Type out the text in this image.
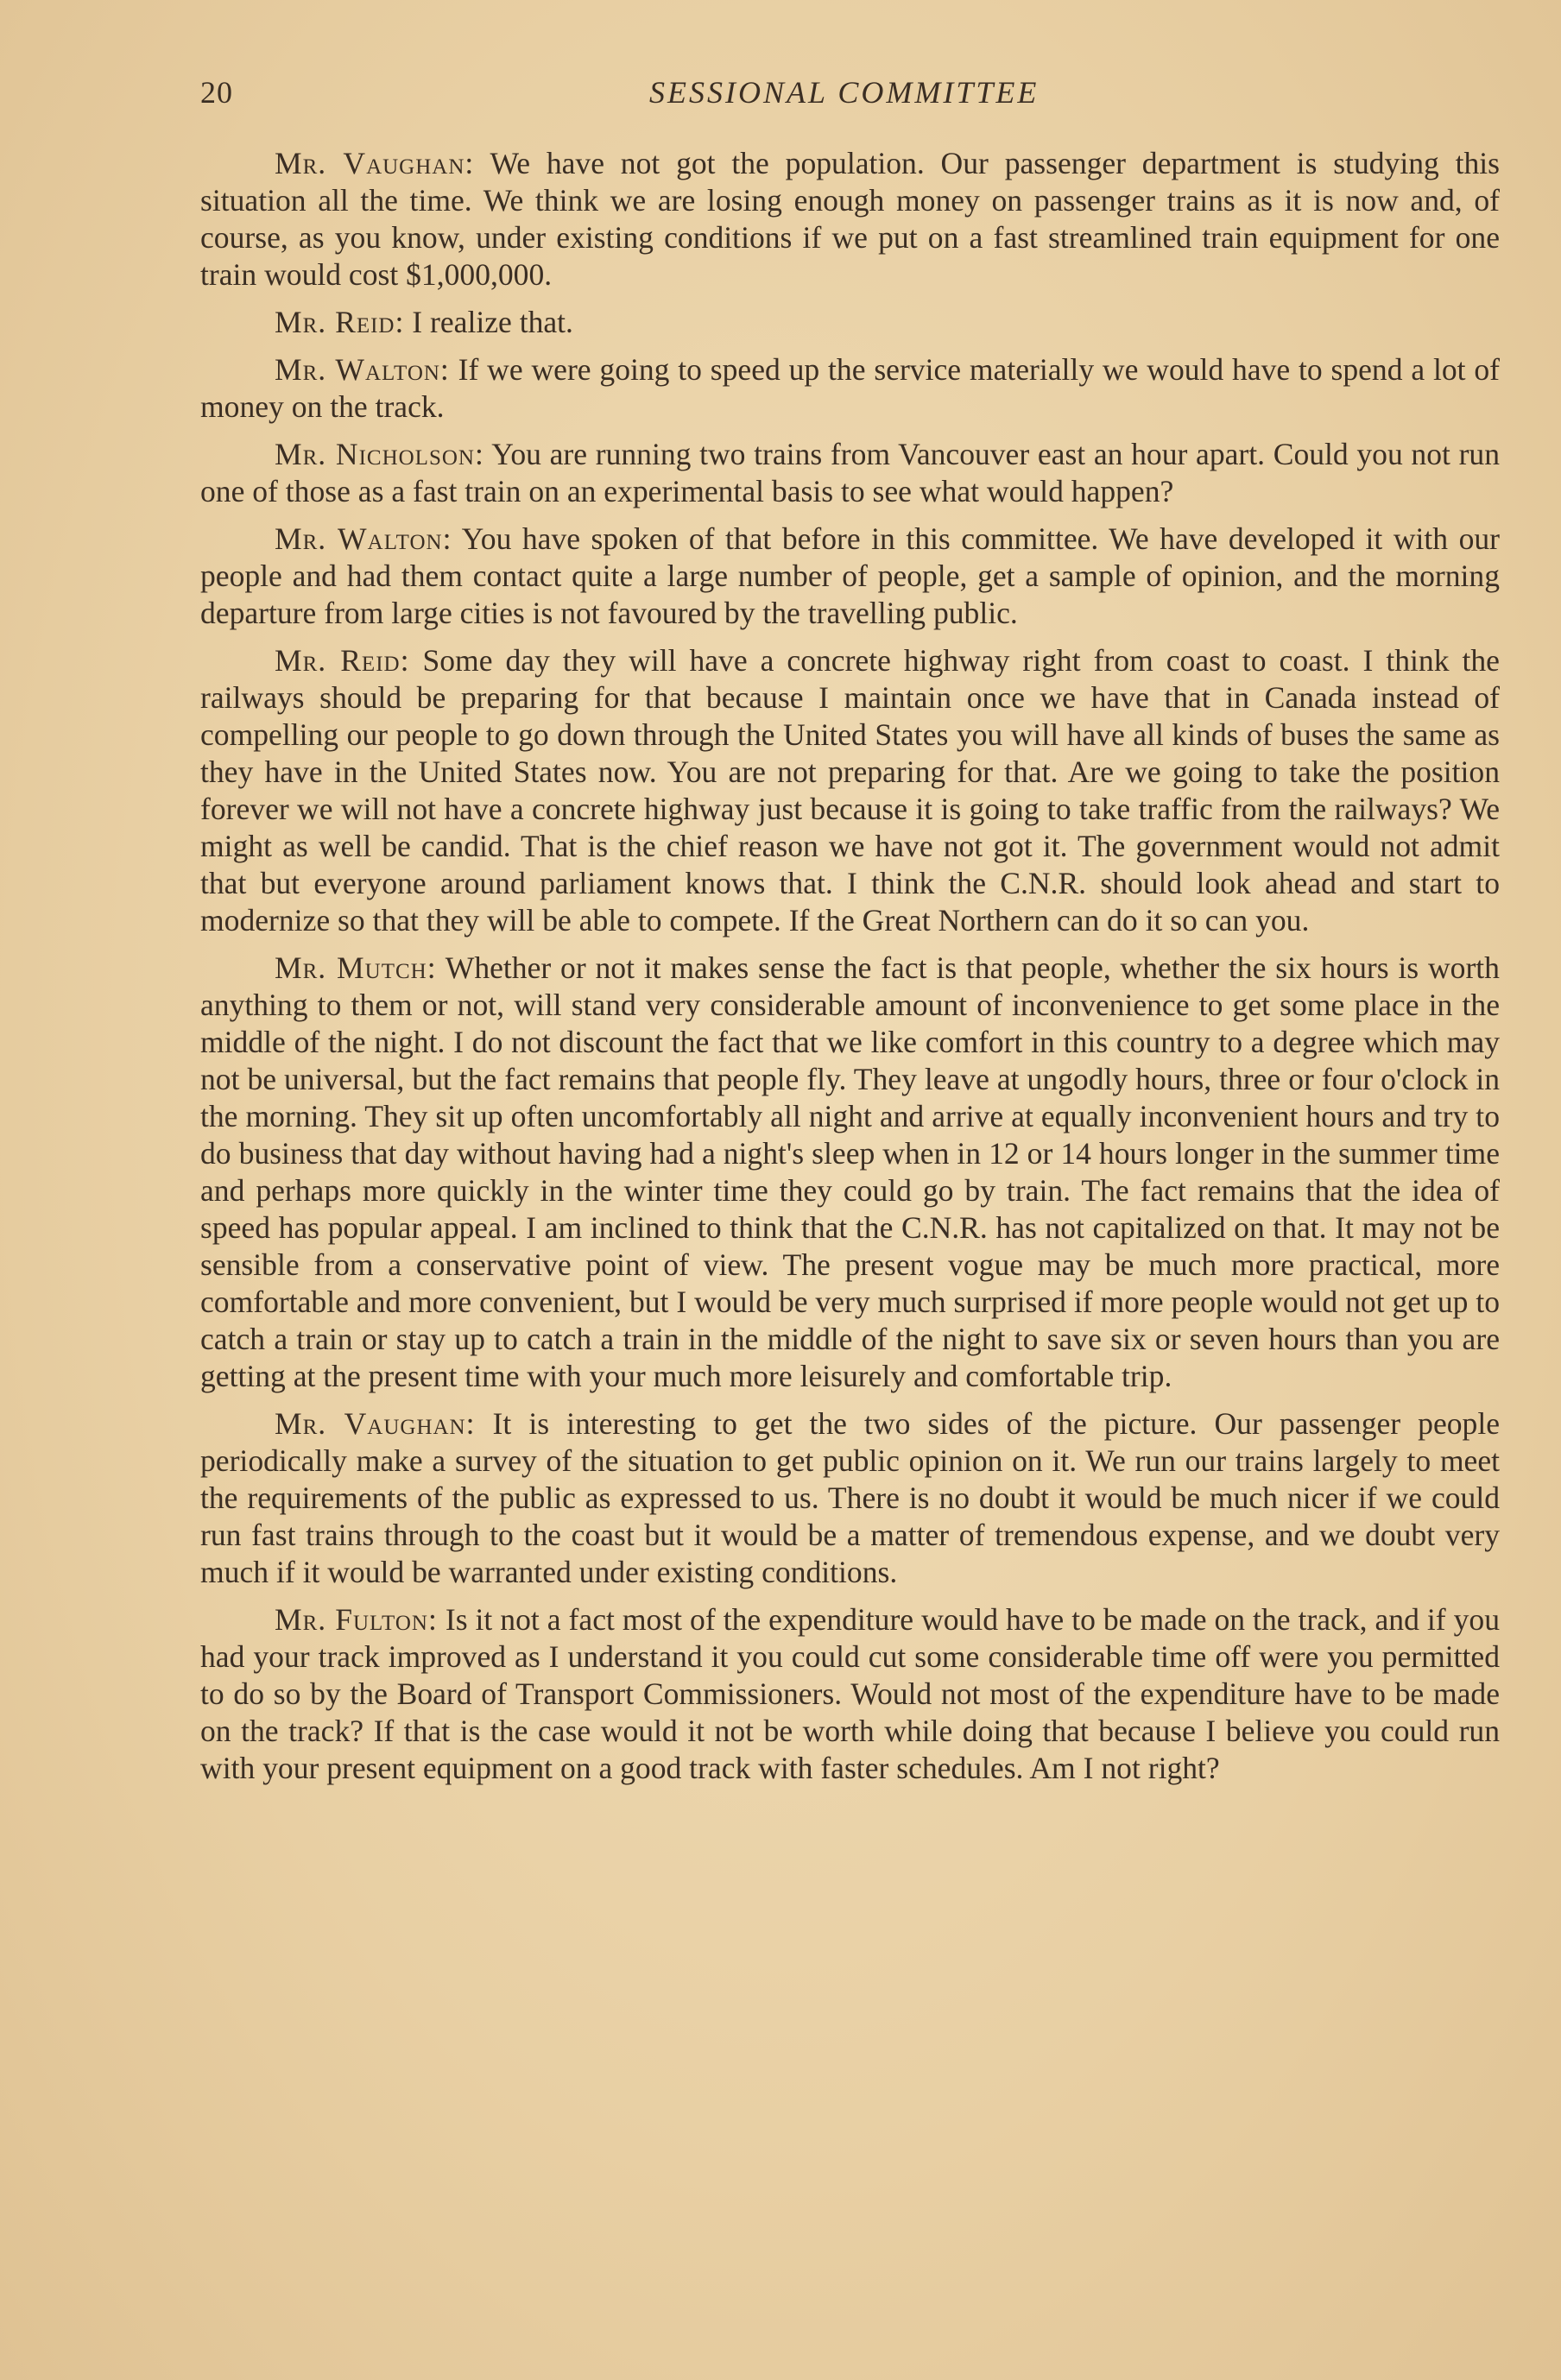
20	SESSIONAL COMMITTEE

Mr. Vaughan: We have not got the population. Our passenger department is studying this situation all the time. We think we are losing enough money on passenger trains as it is now and, of course, as you know, under existing conditions if we put on a fast streamlined train equipment for one train would cost $1,000,000.

Mr. Reid: I realize that.

Mr. Walton: If we were going to speed up the service materially we would have to spend a lot of money on the track.

Mr. Nicholson: You are running two trains from Vancouver east an hour apart. Could you not run one of those as a fast train on an experimental basis to see what would happen?

Mr. Walton: You have spoken of that before in this committee. We have developed it with our people and had them contact quite a large number of people, get a sample of opinion, and the morning departure from large cities is not favoured by the travelling public.

Mr. Reid: Some day they will have a concrete highway right from coast to coast. I think the railways should be preparing for that because I maintain once we have that in Canada instead of compelling our people to go down through the United States you will have all kinds of buses the same as they have in the United States now. You are not preparing for that. Are we going to take the position forever we will not have a concrete highway just because it is going to take traffic from the railways? We might as well be candid. That is the chief reason we have not got it. The government would not admit that but everyone around parliament knows that. I think the C.N.R. should look ahead and start to modernize so that they will be able to compete. If the Great Northern can do it so can you.

Mr. Mutch: Whether or not it makes sense the fact is that people, whether the six hours is worth anything to them or not, will stand very considerable amount of inconvenience to get some place in the middle of the night. I do not discount the fact that we like comfort in this country to a degree which may not be universal, but the fact remains that people fly. They leave at ungodly hours, three or four o'clock in the morning. They sit up often uncomfortably all night and arrive at equally inconvenient hours and try to do business that day without having had a night's sleep when in 12 or 14 hours longer in the summer time and perhaps more quickly in the winter time they could go by train. The fact remains that the idea of speed has popular appeal. I am inclined to think that the C.N.R. has not capitalized on that. It may not be sensible from a conservative point of view. The present vogue may be much more practical, more comfortable and more convenient, but I would be very much surprised if more people would not get up to catch a train or stay up to catch a train in the middle of the night to save six or seven hours than you are getting at the present time with your much more leisurely and comfortable trip.

Mr. Vaughan: It is interesting to get the two sides of the picture. Our passenger people periodically make a survey of the situation to get public opinion on it. We run our trains largely to meet the requirements of the public as expressed to us. There is no doubt it would be much nicer if we could run fast trains through to the coast but it would be a matter of tremendous expense, and we doubt very much if it would be warranted under existing conditions.

Mr. Fulton: Is it not a fact most of the expenditure would have to be made on the track, and if you had your track improved as I understand it you could cut some considerable time off were you permitted to do so by the Board of Transport Commissioners. Would not most of the expenditure have to be made on the track? If that is the case would it not be worth while doing that because I believe you could run with your present equipment on a good track with faster schedules. Am I not right?
